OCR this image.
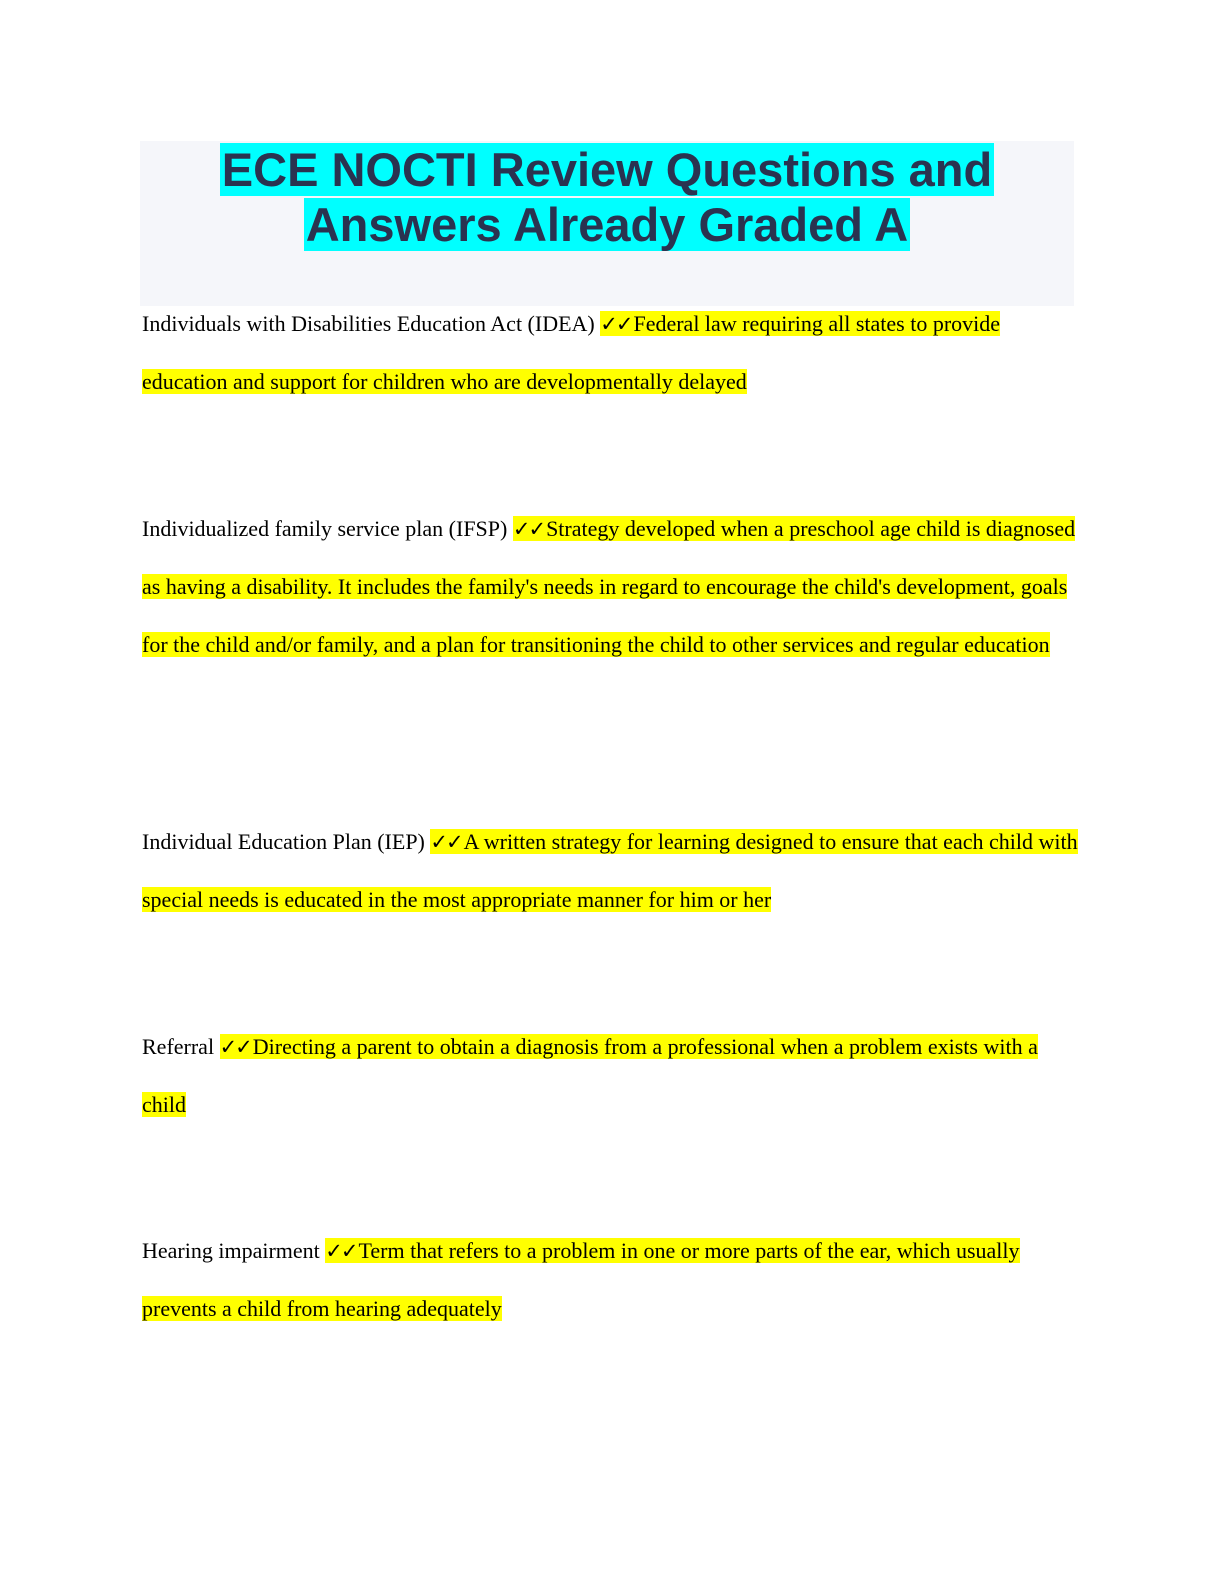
ECE NOCTI Review Questions and

Answers Already Graded A

Individuals with Disabilities Education Act (IDEA) ✓✓Federal law requiring all states to provide education and support for children who are developmentally delayed

Individualized family service plan (IFSP) ✓✓Strategy developed when a preschool age child is diagnosed as having a disability. It includes the family's needs in regard to encourage the child's development, goals for the child and/or family, and a plan for transitioning the child to other services and regular education

Individual Education Plan (IEP) ✓✓A written strategy for learning designed to ensure that each child with special needs is educated in the most appropriate manner for him or her

Referral ✓✓Directing a parent to obtain a diagnosis from a professional when a problem exists with a child

Hearing impairment ✓✓Term that refers to a problem in one or more parts of the ear, which usually prevents a child from hearing adequately
